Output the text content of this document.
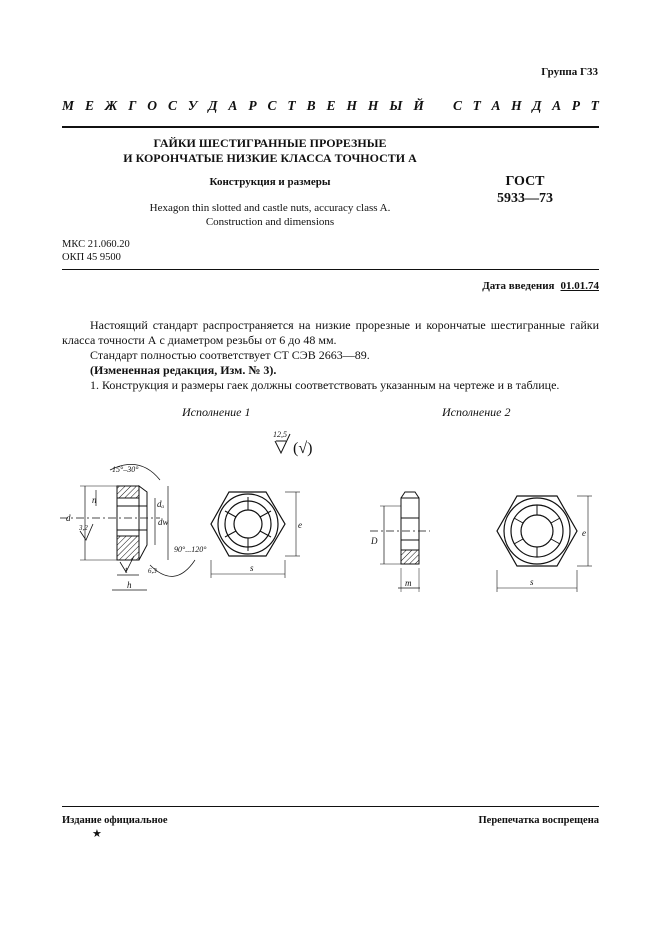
Группа Г33
М Е Ж Г О С У Д А Р С Т В Е Н Н Ы Й С Т А Н Д А Р Т
ГАЙКИ ШЕСТИГРАННЫЕ ПРОРЕЗНЫЕ
И КОРОНЧАТЫЕ НИЗКИЕ КЛАССА ТОЧНОСТИ А
Конструкция и размеры	ГОСТ
5933—73
Hexagon thin slotted and castle nuts, accuracy class A.
Construction and dimensions
МКС 21.060.20
ОКП 45 9500
Дата введения 01.01.74

Настоящий стандарт распространяется на низкие прорезные и корончатые шестигранные гайки класса точности А с диаметром резьбы от 6 до 48 мм.

Стандарт полностью соответствует СТ СЭВ 2663—89.

(Измененная редакция, Изм. № 3).

1. Конструкция и размеры гаек должны соответствовать указанным на чертеже и в таблице.

Исполнение 1	Исполнение 2
12,5
(√)
d
n
3,2
dₐ
dw
15°–30°
90°...120°
6,3
t
h
e
s
D
m
e
s
Издание официальное
★
Перепечатка воспрещена
